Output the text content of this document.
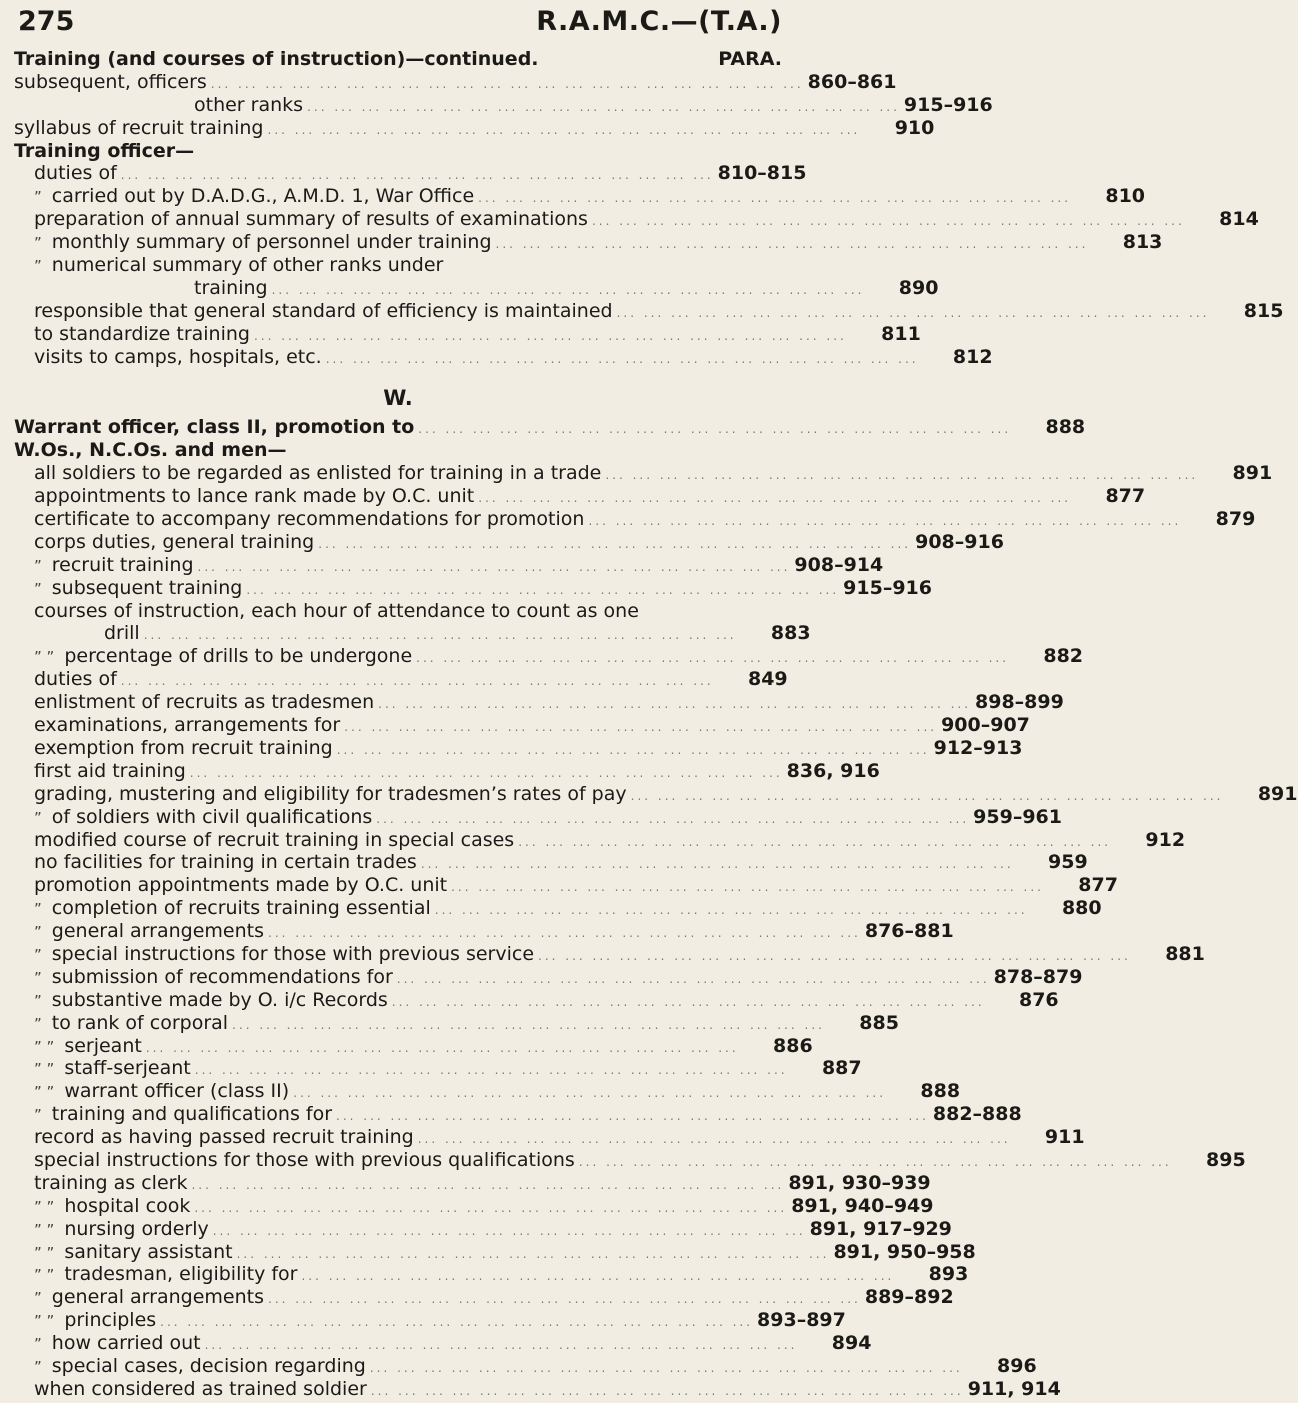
275	R.A.M.C.—(T.A.)
Training (and courses of instruction)—continued.	PARA.
subsequent, officers ... .	860–861
other ranks ... .	915–916
syllabus of recruit training ... .	910
Training officer—
duties of ... .	810–815
” carried out by D.A.D.G., A.M.D. 1, War Office ... .	810
preparation of annual summary of results of examinations ... .	814
” monthly summary of personnel under training ... .	813
” numerical summary of other ranks under
training ... .	890
responsible that general standard of efficiency is maintained ... .	815
to standardize training ... .	811
visits to camps, hospitals, etc. ... .	812
W.
Warrant officer, class II, promotion to ... .	888
W.Os., N.C.Os. and men—
all soldiers to be regarded as enlisted for training in a trade ... .	891
appointments to lance rank made by O.C. unit ... .	877
certificate to accompany recommendations for promotion ... .	879
corps duties, general training ... .	908–916
” recruit training ... .	908–914
” subsequent training ... .	915–916
courses of instruction, each hour of attendance to count as one
drill ... .	883
” ” percentage of drills to be undergone ... .	882
duties of ... .	849
enlistment of recruits as tradesmen ... .	898–899
examinations, arrangements for ... .	900–907
exemption from recruit training ... .	912–913
first aid training ... .	836, 916
grading, mustering and eligibility for tradesmen’s rates of pay ... .	891
” of soldiers with civil qualifications ... .	959–961
modified course of recruit training in special cases ... .	912
no facilities for training in certain trades ... .	959
promotion appointments made by O.C. unit ... .	877
” completion of recruits training essential ... .	880
” general arrangements ... .	876–881
” special instructions for those with previous service ... .	881
” submission of recommendations for ... .	878–879
” substantive made by O. i/c Records ... .	876
” to rank of corporal ... .	885
” ” serjeant ... .	886
” ” staff-serjeant ... .	887
” ” warrant officer (class II) ... .	888
” training and qualifications for ... .	882–888
record as having passed recruit training ... .	911
special instructions for those with previous qualifications ... .	895
training as clerk ... .	891, 930–939
” ” hospital cook ... .	891, 940–949
” ” nursing orderly ... .	891, 917–929
” ” sanitary assistant ... .	891, 950–958
” ” tradesman, eligibility for ... .	893
” general arrangements ... .	889–892
” ” principles ... .	893–897
” how carried out ... .	894
” special cases, decision regarding ... .	896
when considered as trained soldier ... .	911, 914
